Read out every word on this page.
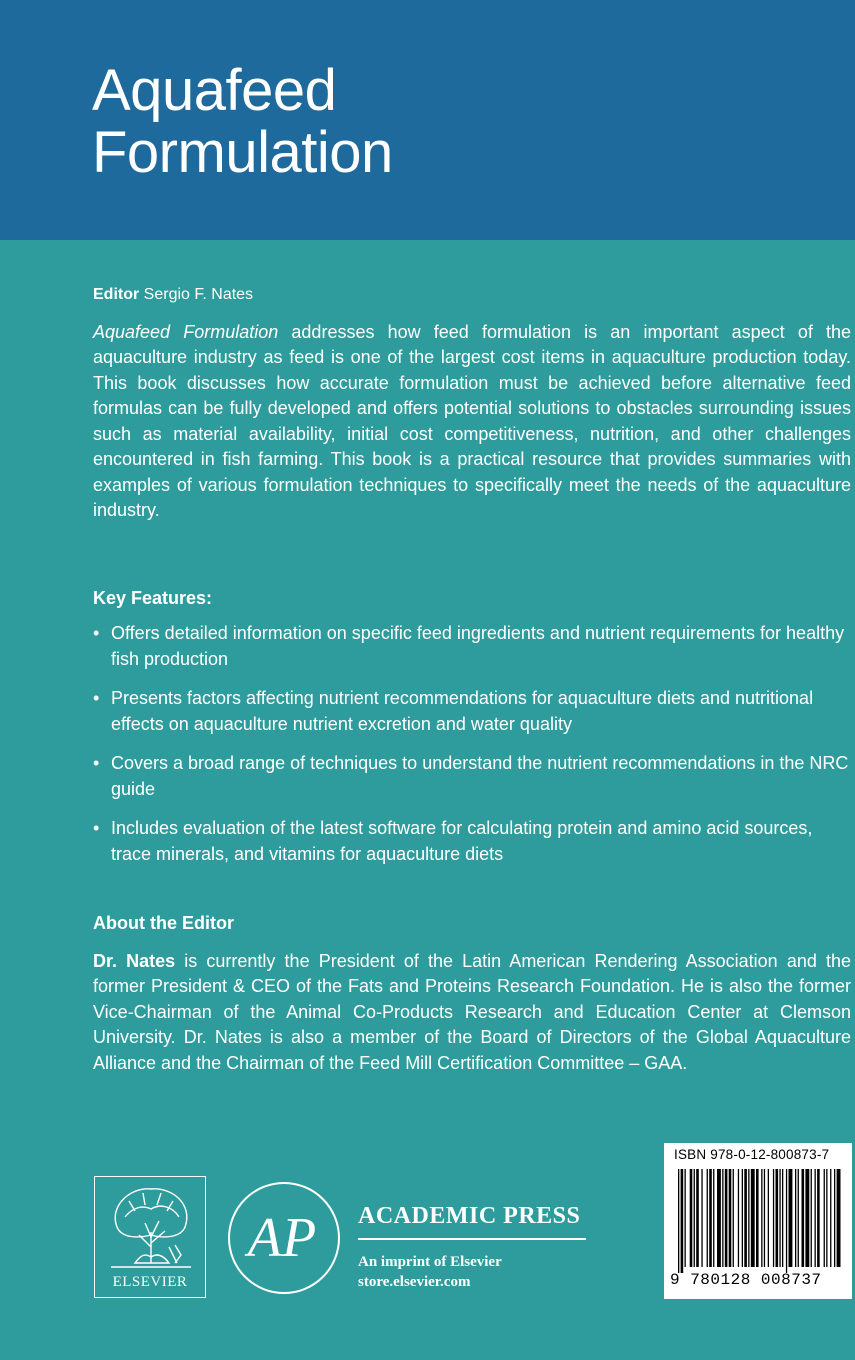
Aquafeed
Formulation

Editor Sergio F. Nates

Aquafeed Formulation addresses how feed formulation is an important aspect of the aquaculture industry as feed is one of the largest cost items in aquaculture production today. This book discusses how accurate formulation must be achieved before alternative feed formulas can be fully developed and offers potential solutions to obstacles surrounding issues such as material availability, initial cost competitiveness, nutrition, and other challenges encountered in fish farming. This book is a practical resource that provides summaries with examples of various formulation techniques to specifically meet the needs of the aquaculture industry.

Key Features:
• Offers detailed information on specific feed ingredients and nutrient requirements for healthy fish production
• Presents factors affecting nutrient recommendations for aquaculture diets and nutritional effects on aquaculture nutrient excretion and water quality
• Covers a broad range of techniques to understand the nutrient recommendations in the NRC guide
• Includes evaluation of the latest software for calculating protein and amino acid sources, trace minerals, and vitamins for aquaculture diets
About the Editor

Dr. Nates is currently the President of the Latin American Rendering Association and the former President & CEO of the Fats and Proteins Research Foundation. He is also the former Vice-Chairman of the Animal Co-Products Research and Education Center at Clemson University. Dr. Nates is also a member of the Board of Directors of the Global Aquaculture Alliance and the Chairman of the Feed Mill Certification Committee – GAA.

ELSEVIER
AP ACADEMIC PRESS

An imprint of Elsevier

store.elsevier.com

ISBN 978-0-12-800873-7
9 780128 008737
